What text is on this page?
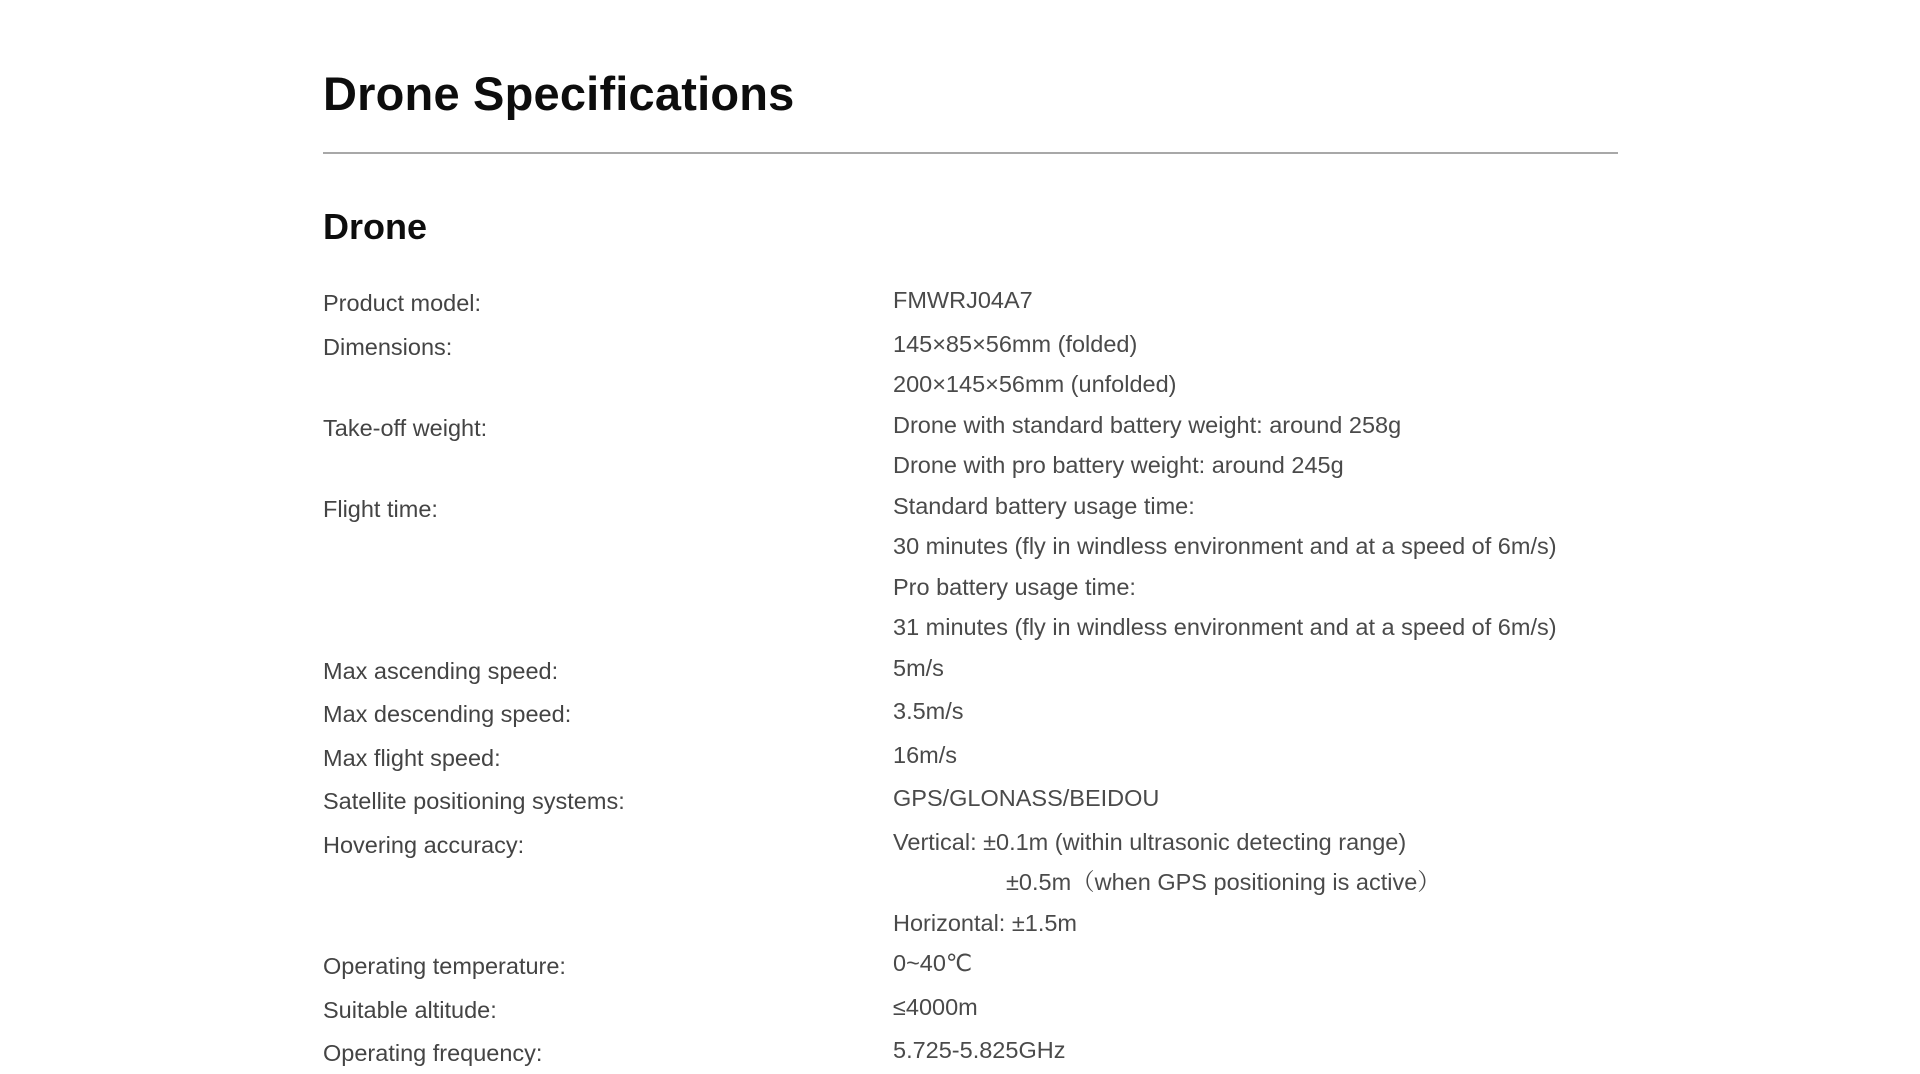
Drone Specifications
Drone
Product model:	FMWRJ04A7
Dimensions:	145×85×56mm (folded)
200×145×56mm (unfolded)
Take-off weight:	Drone with standard battery weight: around 258g
Drone with pro battery weight: around 245g
Flight time:	Standard battery usage time:
30 minutes (fly in windless environment and at a speed of 6m/s)
Pro battery usage time:
31 minutes (fly in windless environment and at a speed of 6m/s)
Max ascending speed:	5m/s
Max descending speed:	3.5m/s
Max flight speed:	16m/s
Satellite positioning systems:	GPS/GLONASS/BEIDOU
Hovering accuracy:	Vertical: ±0.1m (within ultrasonic detecting range)
±0.5m（when GPS positioning is active）
Horizontal: ±1.5m
Operating temperature:	0~40℃
Suitable altitude:	≤4000m
Operating frequency:	5.725-5.825GHz
